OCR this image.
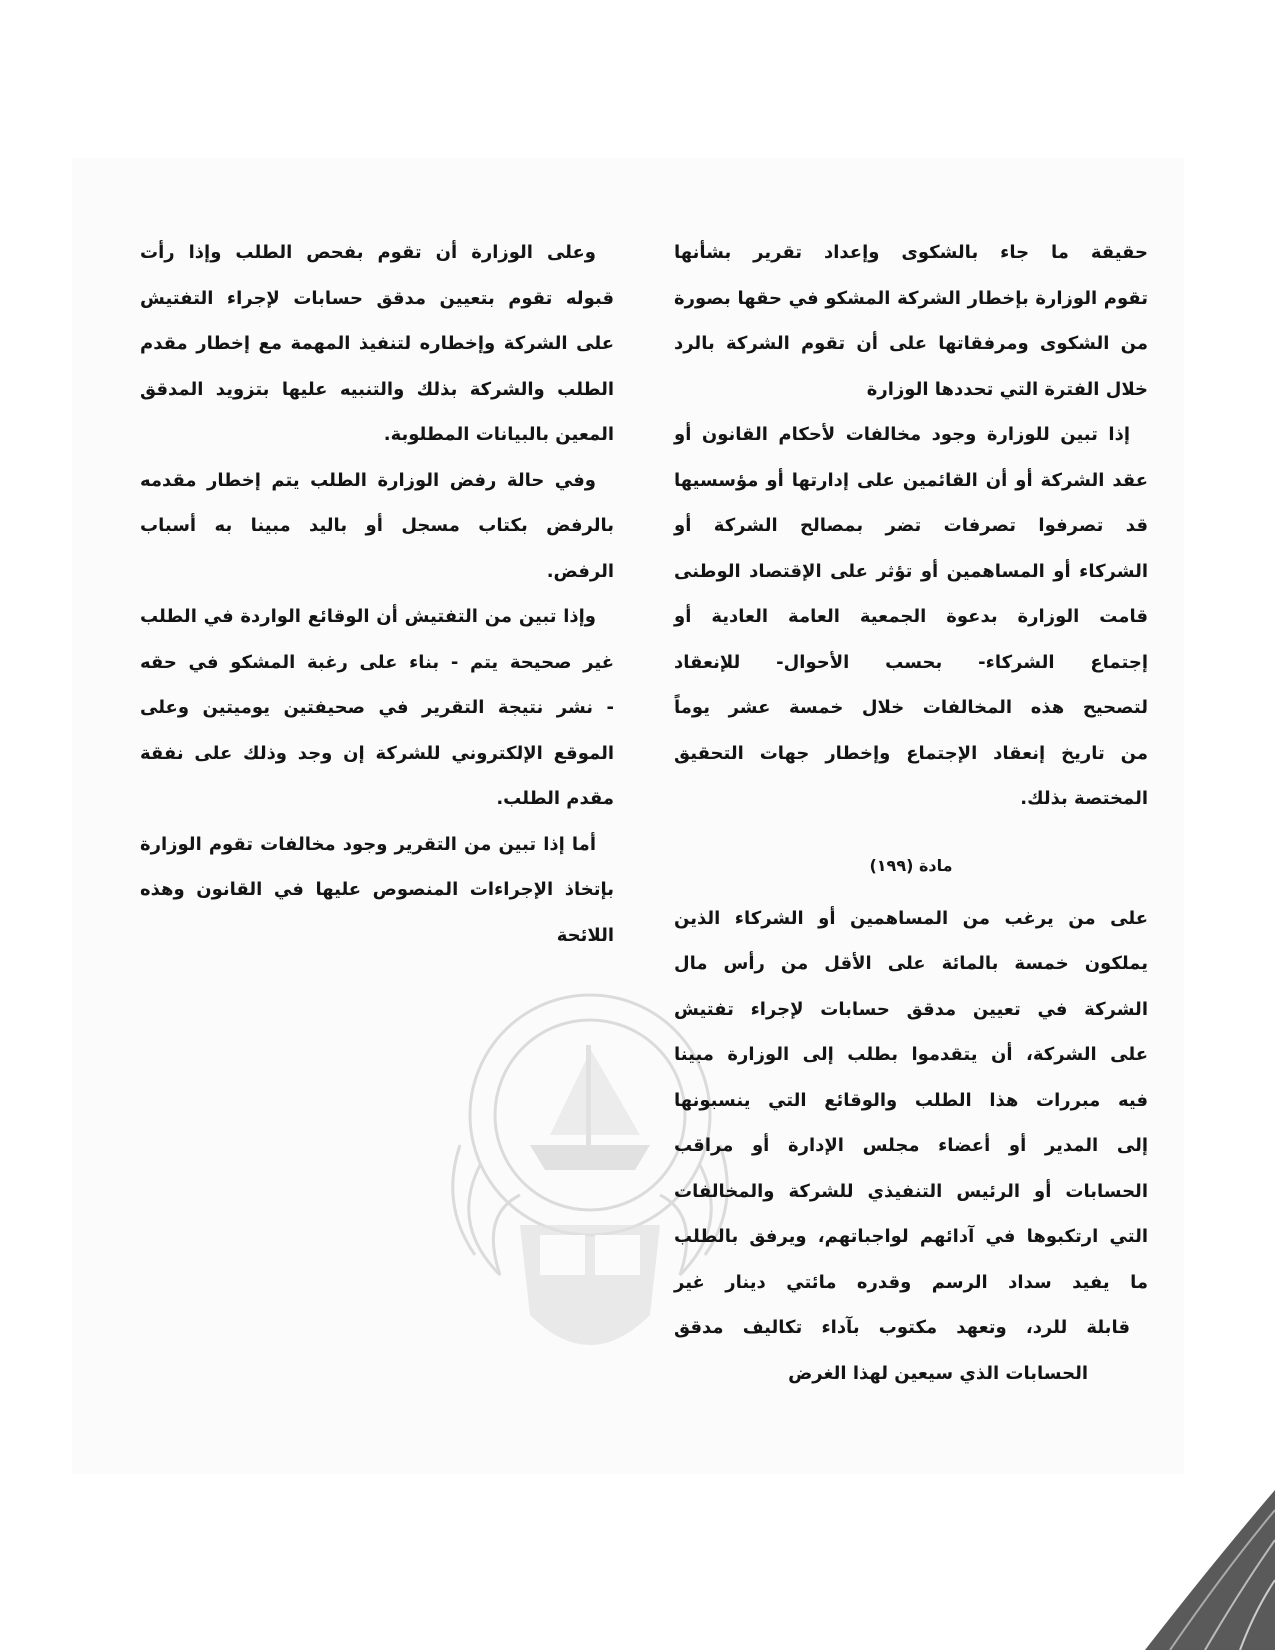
حقيقة ما جاء بالشكوى وإعداد تقرير بشأنها
تقوم الوزارة بإخطار الشركة المشكو في حقها بصورة
من الشكوى ومرفقاتها على أن تقوم الشركة بالرد
خلال الفترة التي تحددها الوزارة
إذا تبين للوزارة وجود مخالفات لأحكام القانون أو
عقد الشركة أو أن القائمين على إدارتها أو مؤسسيها
قد تصرفوا تصرفات تضر بمصالح الشركة أو
الشركاء أو المساهمين أو تؤثر على الإقتصاد الوطنى
قامت الوزارة بدعوة الجمعية العامة العادية أو
إجتماع الشركاء- بحسب الأحوال- للإنعقاد
لتصحيح هذه المخالفات خلال خمسة عشر يوماً
من تاريخ إنعقاد الإجتماع وإخطار جهات التحقيق
المختصة بذلك.
مادة (١٩٩)
على من يرغب من المساهمين أو الشركاء الذين
يملكون خمسة بالمائة على الأقل من رأس مال
الشركة في تعيين مدقق حسابات لإجراء تفتيش
على الشركة، أن يتقدموا بطلب إلى الوزارة مبينا
فيه مبررات هذا الطلب والوقائع التي ينسبونها
إلى المدير أو أعضاء مجلس الإدارة أو مراقب
الحسابات أو الرئيس التنفيذي للشركة والمخالفات
التي ارتكبوها في آدائهم لواجباتهم، ويرفق بالطلب
ما يفيد سداد الرسم وقدره مائتي دينار غير
قابلة للرد، وتعهد مكتوب بآداء تكاليف مدقق
الحسابات الذي سيعين لهذا الغرض
وعلى الوزارة أن تقوم بفحص الطلب وإذا رأت
قبوله تقوم بتعيين مدقق حسابات لإجراء التفتيش
على الشركة وإخطاره لتنفيذ المهمة مع إخطار مقدم
الطلب والشركة بذلك والتنبيه عليها بتزويد المدقق
المعين بالبيانات المطلوبة.
وفي حالة رفض الوزارة الطلب يتم إخطار مقدمه
بالرفض بكتاب مسجل أو باليد مبينا به أسباب
الرفض.
وإذا تبين من التفتيش أن الوقائع الواردة في الطلب
غير صحيحة يتم - بناء على رغبة المشكو في حقه
- نشر نتيجة التقرير في صحيفتين يوميتين وعلى
الموقع الإلكتروني للشركة إن وجد وذلك على نفقة
مقدم الطلب.
أما إذا تبين من التقرير وجود مخالفات تقوم الوزارة
بإتخاذ الإجراءات المنصوص عليها في القانون وهذه
اللائحة
